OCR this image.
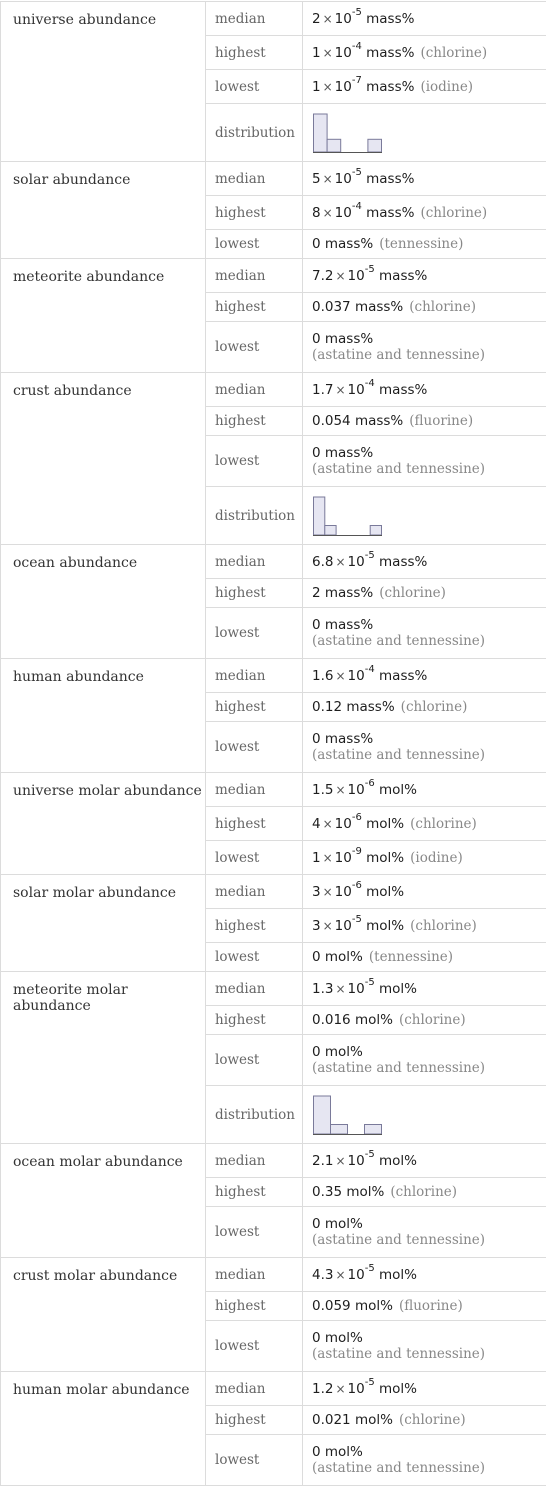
universe abundance	median	$2 \times 10^{-5}$ mass%
	highest	$1 \times 10^{-4}$ mass% (chlorine)
	lowest	$1 \times 10^{-7}$ mass% (iodine)
	distribution	

solar abundance	median	$5 \times 10^{-5}$ mass%
	highest	$8 \times 10^{-4}$ mass% (chlorine)
	lowest	0 mass% (tennessine)
meteorite abundance	median	$7.2 \times 10^{-5}$ mass%
	highest	0.037 mass% (chlorine)
	lowest	0 mass%
(astatine and tennessine)

crust abundance	median	$1.7 \times 10^{-4}$ mass%
	highest	0.054 mass% (fluorine)
	lowest	0 mass%
(astatine and tennessine)

	distribution	

ocean abundance	median	$6.8 \times 10^{-5}$ mass%
	highest	2 mass% (chlorine)
	lowest	0 mass%
(astatine and tennessine)

human abundance	median	$1.6 \times 10^{-4}$ mass%
	highest	0.12 mass% (chlorine)
	lowest	0 mass%
(astatine and tennessine)

universe molar abundance	median	$1.5 \times 10^{-6}$ mol%
	highest	$4 \times 10^{-6}$ mol% (chlorine)
	lowest	$1 \times 10^{-9}$ mol% (iodine)
solar molar abundance	median	$3 \times 10^{-6}$ mol%
	highest	$3 \times 10^{-5}$ mol% (chlorine)
	lowest	0 mol% (tennessine)
meteorite molar abundance	median	$1.3 \times 10^{-5}$ mol%
	highest	0.016 mol% (chlorine)
	lowest	0 mol%
(astatine and tennessine)

	distribution	

ocean molar abundance	median	$2.1 \times 10^{-5}$ mol%
	highest	0.35 mol% (chlorine)
	lowest	0 mol%
(astatine and tennessine)

crust molar abundance	median	$4.3 \times 10^{-5}$ mol%
	highest	0.059 mol% (fluorine)
	lowest	0 mol%
(astatine and tennessine)

human molar abundance	median	$1.2 \times 10^{-5}$ mol%
	highest	0.021 mol% (chlorine)
	lowest	0 mol%
(astatine and tennessine)
